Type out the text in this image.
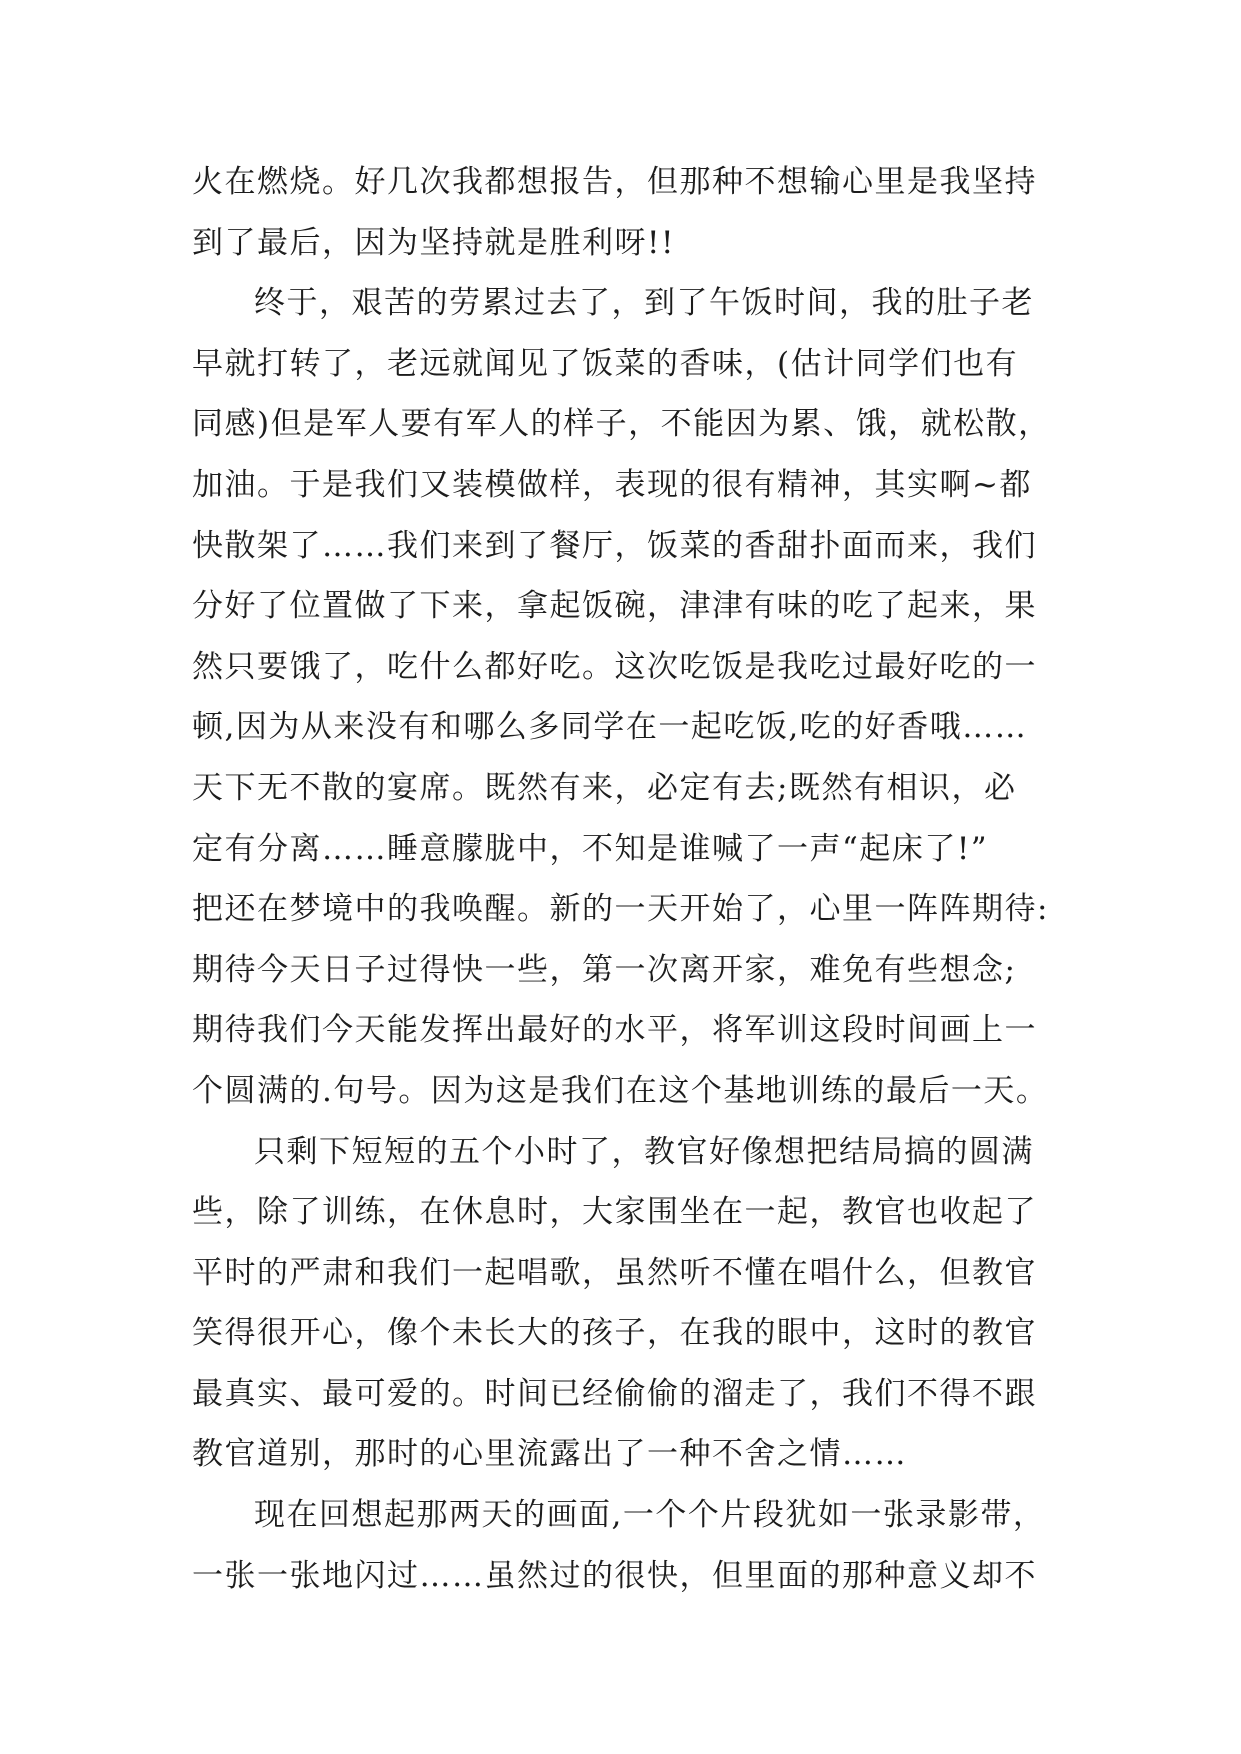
火在燃烧。好几次我都想报告，但那种不想输心里是我坚持
到了最后，因为坚持就是胜利呀!!
终于，艰苦的劳累过去了，到了午饭时间，我的肚子老
早就打转了，老远就闻见了饭菜的香味，(估计同学们也有
同感)但是军人要有军人的样子，不能因为累、饿，就松散，
加油。于是我们又装模做样，表现的很有精神，其实啊~都
快散架了……我们来到了餐厅，饭菜的香甜扑面而来，我们
分好了位置做了下来，拿起饭碗，津津有味的吃了起来，果
然只要饿了，吃什么都好吃。这次吃饭是我吃过最好吃的一
顿,因为从来没有和哪么多同学在一起吃饭,吃的好香哦……
天下无不散的宴席。既然有来，必定有去;既然有相识，必
定有分离……睡意朦胧中，不知是谁喊了一声“起床了!”
把还在梦境中的我唤醒。新的一天开始了，心里一阵阵期待:
期待今天日子过得快一些，第一次离开家，难免有些想念;
期待我们今天能发挥出最好的水平，将军训这段时间画上一
个圆满的.句号。因为这是我们在这个基地训练的最后一天。
只剩下短短的五个小时了，教官好像想把结局搞的圆满
些，除了训练，在休息时，大家围坐在一起，教官也收起了
平时的严肃和我们一起唱歌，虽然听不懂在唱什么，但教官
笑得很开心，像个未长大的孩子，在我的眼中，这时的教官
最真实、最可爱的。时间已经偷偷的溜走了，我们不得不跟
教官道别，那时的心里流露出了一种不舍之情……
现在回想起那两天的画面,一个个片段犹如一张录影带，
一张一张地闪过……虽然过的很快，但里面的那种意义却不
